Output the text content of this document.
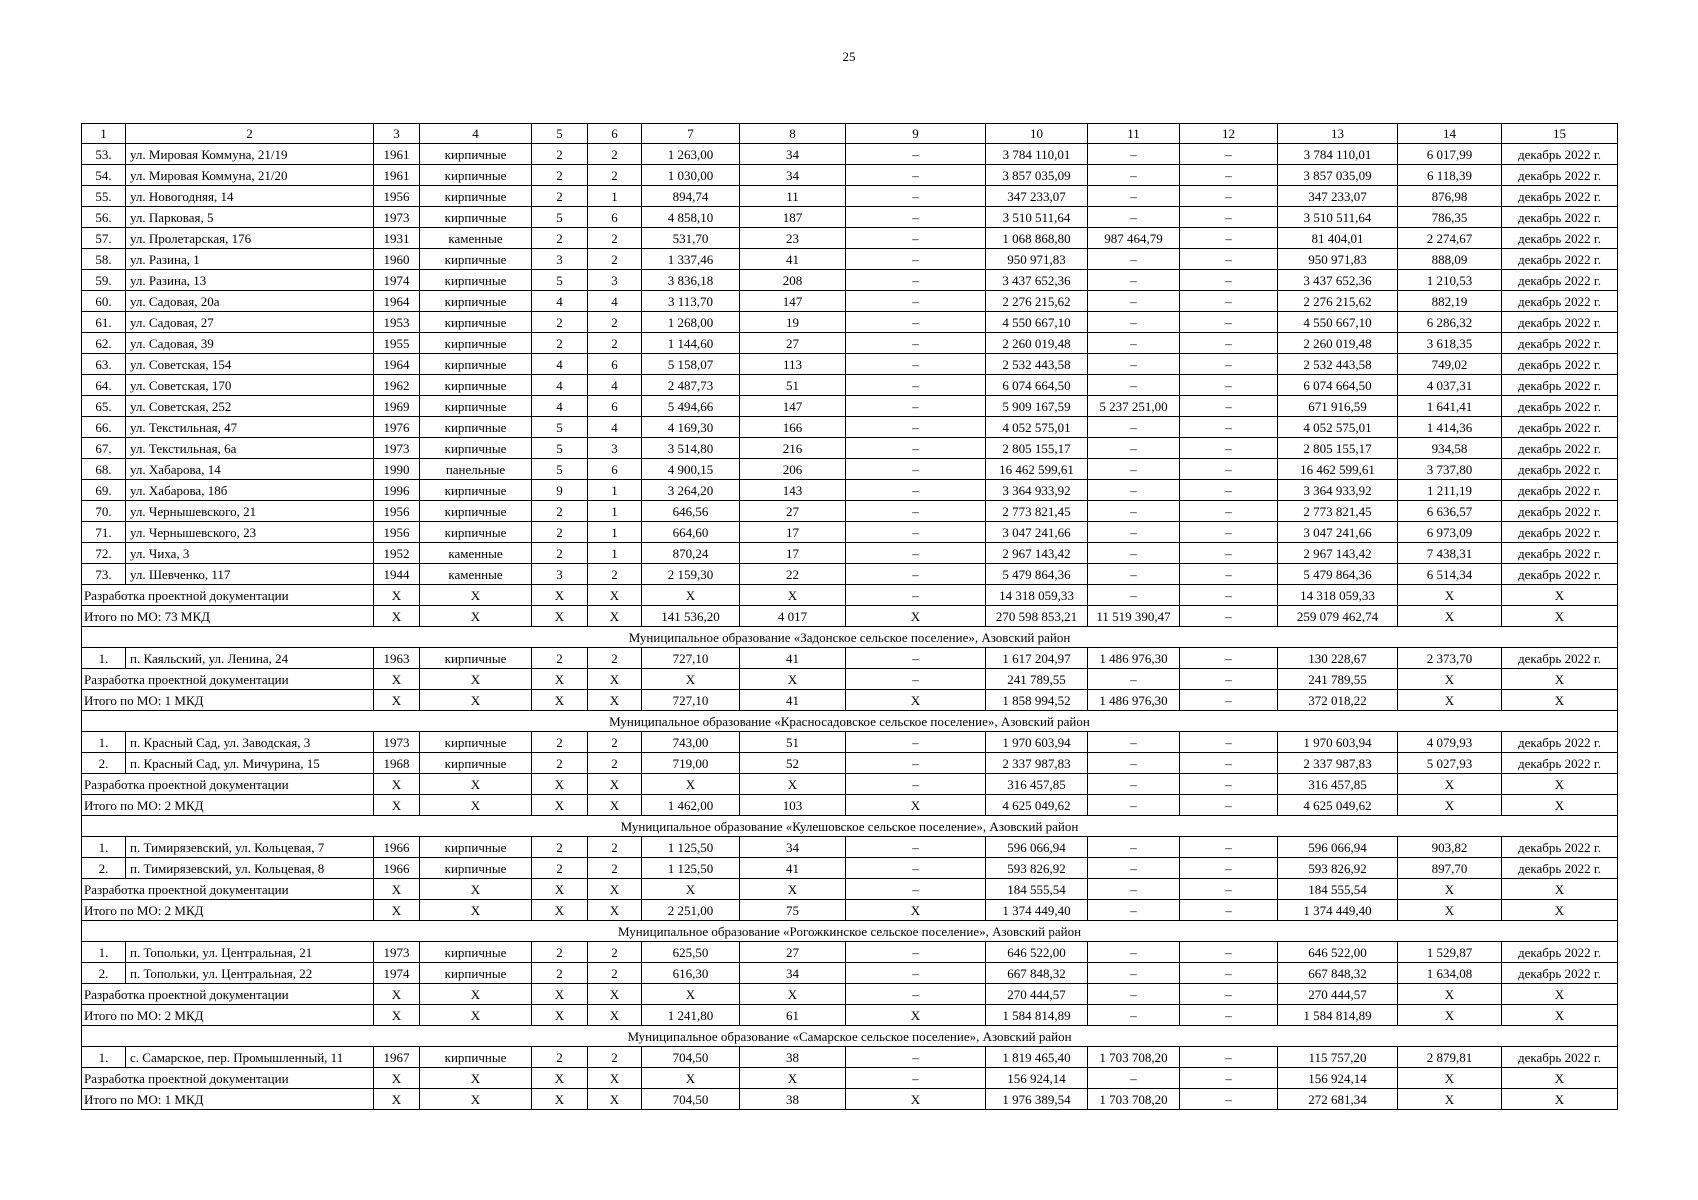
25
1	2	3	4	5	6	7	8	9	10	11	12	13	14	15
53.	ул. Мировая Коммуна, 21/19	1961	кирпичные	2	2	1 263,00	34	–	3 784 110,01	–	–	3 784 110,01	6 017,99	декабрь 2022 г.
54.	ул. Мировая Коммуна, 21/20	1961	кирпичные	2	2	1 030,00	34	–	3 857 035,09	–	–	3 857 035,09	6 118,39	декабрь 2022 г.
55.	ул. Новогодняя, 14	1956	кирпичные	2	1	894,74	11	–	347 233,07	–	–	347 233,07	876,98	декабрь 2022 г.
56.	ул. Парковая, 5	1973	кирпичные	5	6	4 858,10	187	–	3 510 511,64	–	–	3 510 511,64	786,35	декабрь 2022 г.
57.	ул. Пролетарская, 176	1931	каменные	2	2	531,70	23	–	1 068 868,80	987 464,79	–	81 404,01	2 274,67	декабрь 2022 г.
58.	ул. Разина, 1	1960	кирпичные	3	2	1 337,46	41	–	950 971,83	–	–	950 971,83	888,09	декабрь 2022 г.
59.	ул. Разина, 13	1974	кирпичные	5	3	3 836,18	208	–	3 437 652,36	–	–	3 437 652,36	1 210,53	декабрь 2022 г.
60.	ул. Садовая, 20а	1964	кирпичные	4	4	3 113,70	147	–	2 276 215,62	–	–	2 276 215,62	882,19	декабрь 2022 г.
61.	ул. Садовая, 27	1953	кирпичные	2	2	1 268,00	19	–	4 550 667,10	–	–	4 550 667,10	6 286,32	декабрь 2022 г.
62.	ул. Садовая, 39	1955	кирпичные	2	2	1 144,60	27	–	2 260 019,48	–	–	2 260 019,48	3 618,35	декабрь 2022 г.
63.	ул. Советская, 154	1964	кирпичные	4	6	5 158,07	113	–	2 532 443,58	–	–	2 532 443,58	749,02	декабрь 2022 г.
64.	ул. Советская, 170	1962	кирпичные	4	4	2 487,73	51	–	6 074 664,50	–	–	6 074 664,50	4 037,31	декабрь 2022 г.
65.	ул. Советская, 252	1969	кирпичные	4	6	5 494,66	147	–	5 909 167,59	5 237 251,00	–	671 916,59	1 641,41	декабрь 2022 г.
66.	ул. Текстильная, 47	1976	кирпичные	5	4	4 169,30	166	–	4 052 575,01	–	–	4 052 575,01	1 414,36	декабрь 2022 г.
67.	ул. Текстильная, 6а	1973	кирпичные	5	3	3 514,80	216	–	2 805 155,17	–	–	2 805 155,17	934,58	декабрь 2022 г.
68.	ул. Хабарова, 14	1990	панельные	5	6	4 900,15	206	–	16 462 599,61	–	–	16 462 599,61	3 737,80	декабрь 2022 г.
69.	ул. Хабарова, 18б	1996	кирпичные	9	1	3 264,20	143	–	3 364 933,92	–	–	3 364 933,92	1 211,19	декабрь 2022 г.
70.	ул. Чернышевского, 21	1956	кирпичные	2	1	646,56	27	–	2 773 821,45	–	–	2 773 821,45	6 636,57	декабрь 2022 г.
71.	ул. Чернышевского, 23	1956	кирпичные	2	1	664,60	17	–	3 047 241,66	–	–	3 047 241,66	6 973,09	декабрь 2022 г.
72.	ул. Чиха, 3	1952	каменные	2	1	870,24	17	–	2 967 143,42	–	–	2 967 143,42	7 438,31	декабрь 2022 г.
73.	ул. Шевченко, 117	1944	каменные	3	2	2 159,30	22	–	5 479 864,36	–	–	5 479 864,36	6 514,34	декабрь 2022 г.
Разработка проектной документации		X	X	X	X	X	X	–	14 318 059,33	–	–	14 318 059,33	X	X
Итого по МО: 73 МКД		X	X	X	X	141 536,20	4 017	X	270 598 853,21	11 519 390,47	–	259 079 462,74	X	X
Муниципальное образование «Задонское сельское поселение», Азовский район														
1.	п. Каяльский, ул. Ленина, 24	1963	кирпичные	2	2	727,10	41	–	1 617 204,97	1 486 976,30	–	130 228,67	2 373,70	декабрь 2022 г.
Разработка проектной документации		X	X	X	X	X	X	–	241 789,55	–	–	241 789,55	X	X
Итого по МО: 1 МКД		X	X	X	X	727,10	41	X	1 858 994,52	1 486 976,30	–	372 018,22	X	X
Муниципальное образование «Красносадовское сельское поселение», Азовский район														
1.	п. Красный Сад, ул. Заводская, 3	1973	кирпичные	2	2	743,00	51	–	1 970 603,94	–	–	1 970 603,94	4 079,93	декабрь 2022 г.
2.	п. Красный Сад, ул. Мичурина, 15	1968	кирпичные	2	2	719,00	52	–	2 337 987,83	–	–	2 337 987,83	5 027,93	декабрь 2022 г.
Разработка проектной документации		X	X	X	X	X	X	–	316 457,85	–	–	316 457,85	X	X
Итого по МО: 2 МКД		X	X	X	X	1 462,00	103	X	4 625 049,62	–	–	4 625 049,62	X	X
Муниципальное образование «Кулешовское сельское поселение», Азовский район														
1.	п. Тимирязевский, ул. Кольцевая, 7	1966	кирпичные	2	2	1 125,50	34	–	596 066,94	–	–	596 066,94	903,82	декабрь 2022 г.
2.	п. Тимирязевский, ул. Кольцевая, 8	1966	кирпичные	2	2	1 125,50	41	–	593 826,92	–	–	593 826,92	897,70	декабрь 2022 г.
Разработка проектной документации		X	X	X	X	X	X	–	184 555,54	–	–	184 555,54	X	X
Итого по МО: 2 МКД		X	X	X	X	2 251,00	75	X	1 374 449,40	–	–	1 374 449,40	X	X
Муниципальное образование «Рогожкинское сельское поселение», Азовский район														
1.	п. Топольки, ул. Центральная, 21	1973	кирпичные	2	2	625,50	27	–	646 522,00	–	–	646 522,00	1 529,87	декабрь 2022 г.
2.	п. Топольки, ул. Центральная, 22	1974	кирпичные	2	2	616,30	34	–	667 848,32	–	–	667 848,32	1 634,08	декабрь 2022 г.
Разработка проектной документации		X	X	X	X	X	X	–	270 444,57	–	–	270 444,57	X	X
Итого по МО: 2 МКД		X	X	X	X	1 241,80	61	X	1 584 814,89	–	–	1 584 814,89	X	X
Муниципальное образование «Самарское сельское поселение», Азовский район														
1.	с. Самарское, пер. Промышленный, 11	1967	кирпичные	2	2	704,50	38	–	1 819 465,40	1 703 708,20	–	115 757,20	2 879,81	декабрь 2022 г.
Разработка проектной документации		X	X	X	X	X	X	–	156 924,14	–	–	156 924,14	X	X
Итого по МО: 1 МКД		X	X	X	X	704,50	38	X	1 976 389,54	1 703 708,20	–	272 681,34	X	X
